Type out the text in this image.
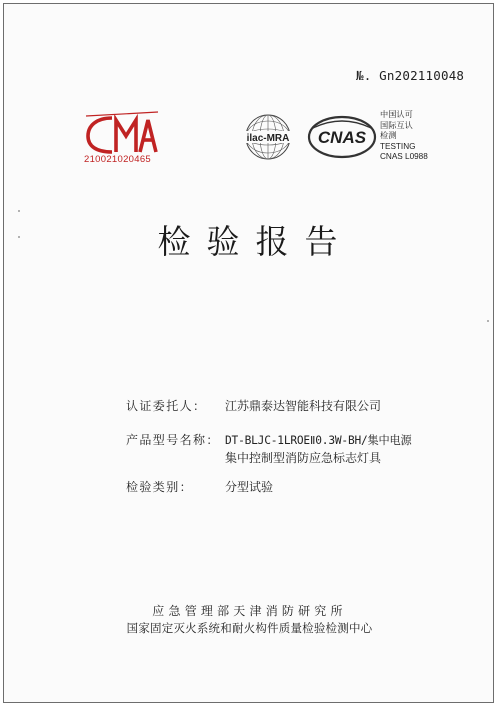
№. Gn202110048
210021020465
ilac-MRA CNAS
中国认可
国际互认
检测
TESTING
CNAS L0988
检验报告
认证委托人： 江苏鼎泰达智能科技有限公司
产品型号名称： DT-BLJC-1LROEⅡ0.3W-BH/集中电源
集中控制型消防应急标志灯具
检验类别：	分型试验
应急管理部天津消防研究所
国家固定灭火系统和耐火构件质量检验检测中心
